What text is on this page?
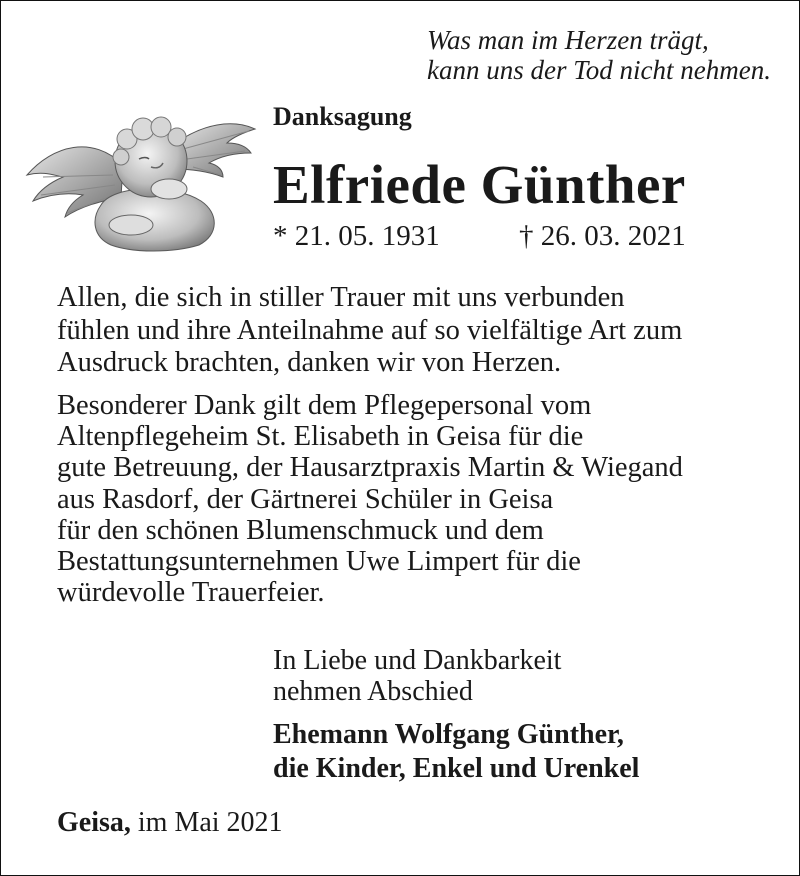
Was man im Herzen trägt,
kann uns der Tod nicht nehmen.
Danksagung
Elfriede Günther
* 21. 05. 1931	† 26. 03. 2021
Allen, die sich in stiller Trauer mit uns verbunden
fühlen und ihre Anteilnahme auf so vielfältige Art zum
Ausdruck brachten, danken wir von Herzen.
Besonderer Dank gilt dem Pflegepersonal vom
Altenpflegeheim St. Elisabeth in Geisa für die
gute Betreuung, der Hausarztpraxis Martin & Wiegand
aus Rasdorf, der Gärtnerei Schüler in Geisa
für den schönen Blumenschmuck und dem
Bestattungsunternehmen Uwe Limpert für die
würdevolle Trauerfeier.
In Liebe und Dankbarkeit
nehmen Abschied
Ehemann Wolfgang Günther,
die Kinder, Enkel und Urenkel
Geisa, im Mai 2021
